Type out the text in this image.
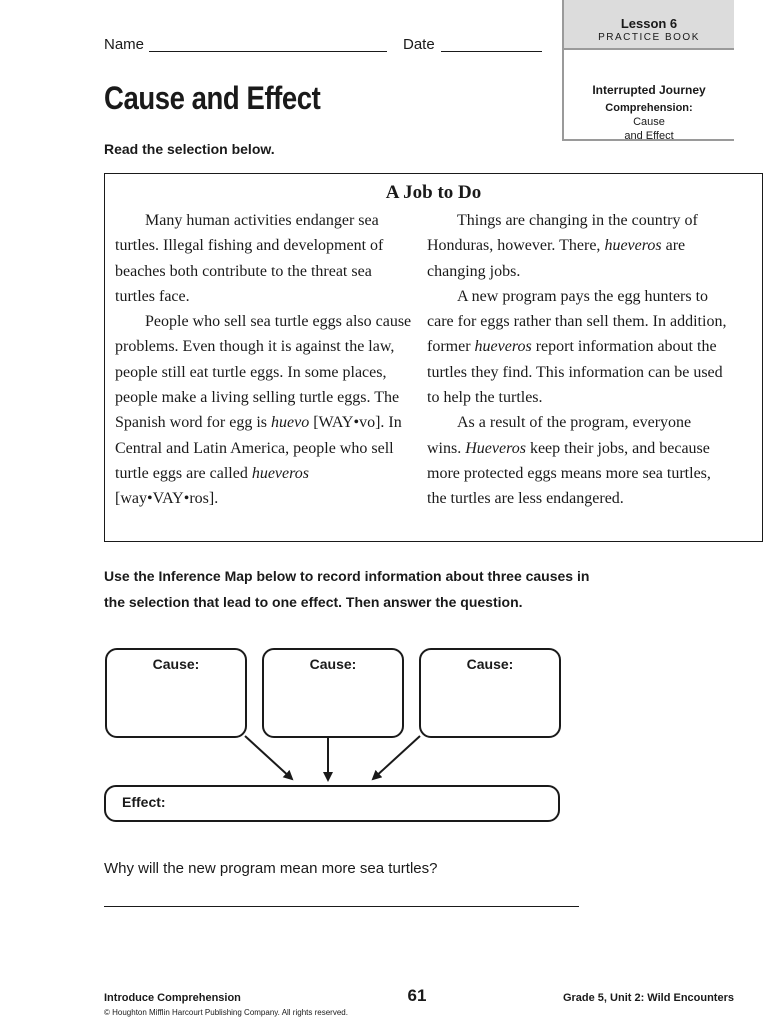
Name	Date
Lesson 6
PRACTICE BOOK
Interrupted Journey
Comprehension: Cause
and Effect
Cause and Effect
Read the selection below.
A Job to Do

Many human activities endanger sea turtles. Illegal fishing and development of beaches both contribute to the threat sea turtles face.

People who sell sea turtle eggs also cause problems. Even though it is against the law, people still eat turtle eggs. In some places, people make a living selling turtle eggs. The Spanish word for egg is huevo [WAY•vo]. In Central and Latin America, people who sell turtle eggs are called hueveros [way•VAY•ros].

Things are changing in the country of Honduras, however. There, hueveros are changing jobs.

A new program pays the egg hunters to care for eggs rather than sell them. In addition, former hueveros report information about the turtles they find. This information can be used to help the turtles.

As a result of the program, everyone wins. Hueveros keep their jobs, and because more protected eggs means more sea turtles, the turtles are less endangered.

Use the Inference Map below to record information about three causes in
the selection that lead to one effect. Then answer the question.
Cause:	Cause:	Cause:
Effect:
Why will the new program mean more sea turtles?
Introduce Comprehension
© Houghton Mifflin Harcourt Publishing Company. All rights reserved.
61	Grade 5, Unit 2: Wild Encounters
